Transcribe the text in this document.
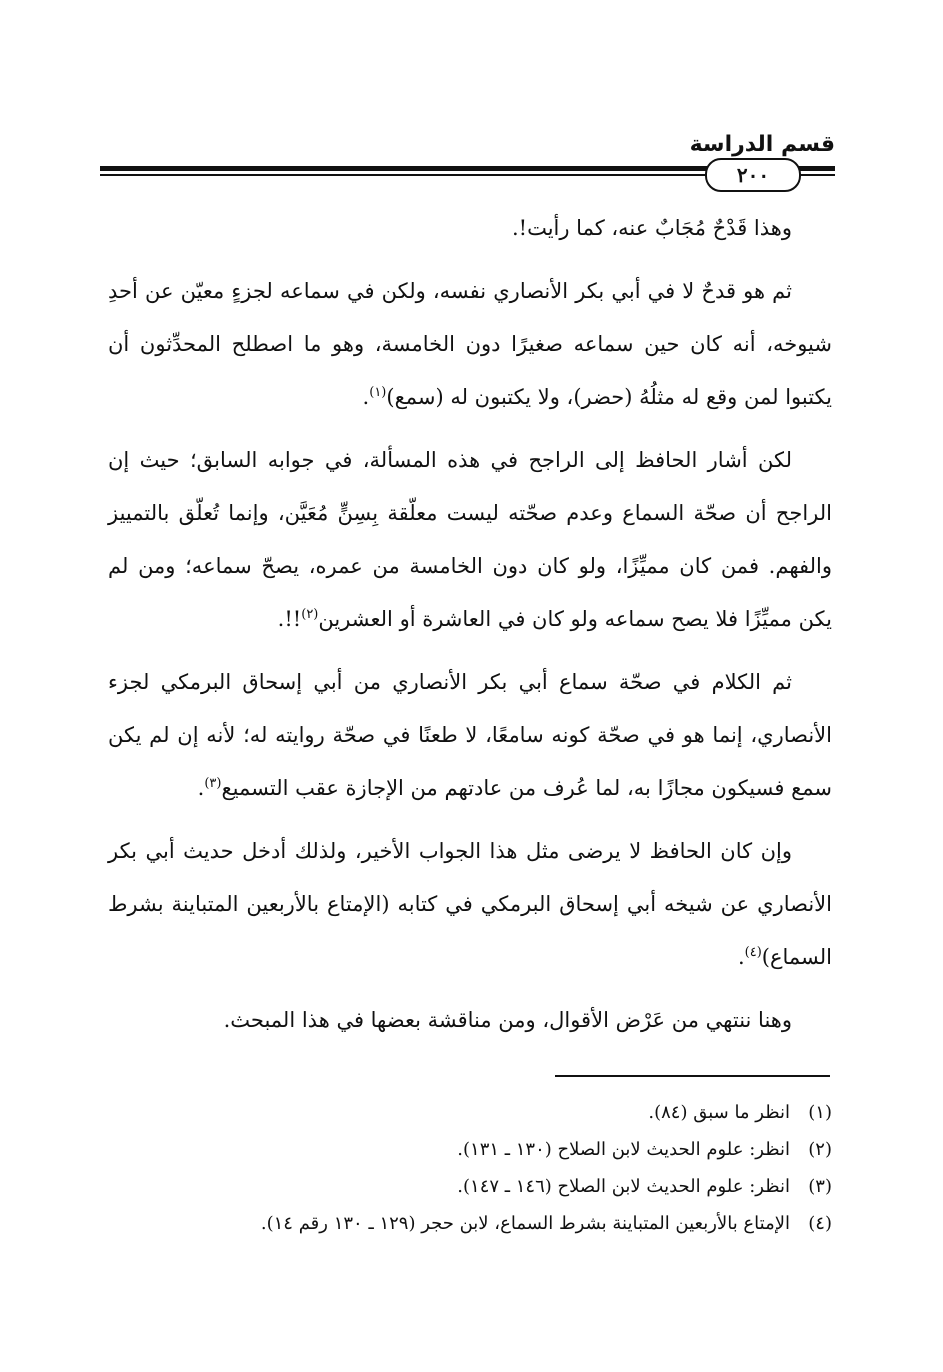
قسم الدراسة
٢٠٠

وهذا قَدْحٌ مُجَابٌ عنه، كما رأيت!.

ثم هو قدحٌ لا في أبي بكر الأنصاري نفسه، ولكن في سماعه لجزءٍ معيّن عن أحدِ شيوخه، أنه كان حين سماعه صغيرًا دون الخامسة، وهو ما اصطلح المحدِّثون أن يكتبوا لمن وقع له مثلُهُ (حضر)، ولا يكتبون له (سمع)$^{(١)}$.

لكن أشار الحافظ إلى الراجح في هذه المسألة، في جوابه السابق؛ حيث إن الراجح أن صحّة السماع وعدم صحّته ليست معلّقة بِسِنٍّ مُعَيَّن، وإنما تُعلّق بالتمييز والفهم. فمن كان مميِّزًا، ولو كان دون الخامسة من عمره، يصحّ سماعه؛ ومن لم يكن مميِّزًا فلا يصح سماعه ولو كان في العاشرة أو العشرين$^{(٢)}$!!.

ثم الكلام في صحّة سماع أبي بكر الأنصاري من أبي إسحاق البرمكي لجزء الأنصاري، إنما هو في صحّة كونه سامعًا، لا طعنًا في صحّة روايته له؛ لأنه إن لم يكن سمع فسيكون مجازًا به، لما عُرف من عادتهم من الإجازة عقب التسميع$^{(٣)}$.

وإن كان الحافظ لا يرضى مثل هذا الجواب الأخير، ولذلك أدخل حديث أبي بكر الأنصاري عن شيخه أبي إسحاق البرمكي في كتابه (الإمتاع بالأربعين المتباينة بشرط السماع)$^{(٤)}$.

وهنا ننتهي من عَرْض الأقوال، ومن مناقشة بعضها في هذا المبحث.

(١)
انظر ما سبق (٨٤).
(٢)
انظر: علوم الحديث لابن الصلاح (١٣٠ ـ ١٣١).
(٣)
انظر: علوم الحديث لابن الصلاح (١٤٦ ـ ١٤٧).
(٤)
الإمتاع بالأربعين المتباينة بشرط السماع، لابن حجر (١٢٩ ـ ١٣٠ رقم ١٤).
